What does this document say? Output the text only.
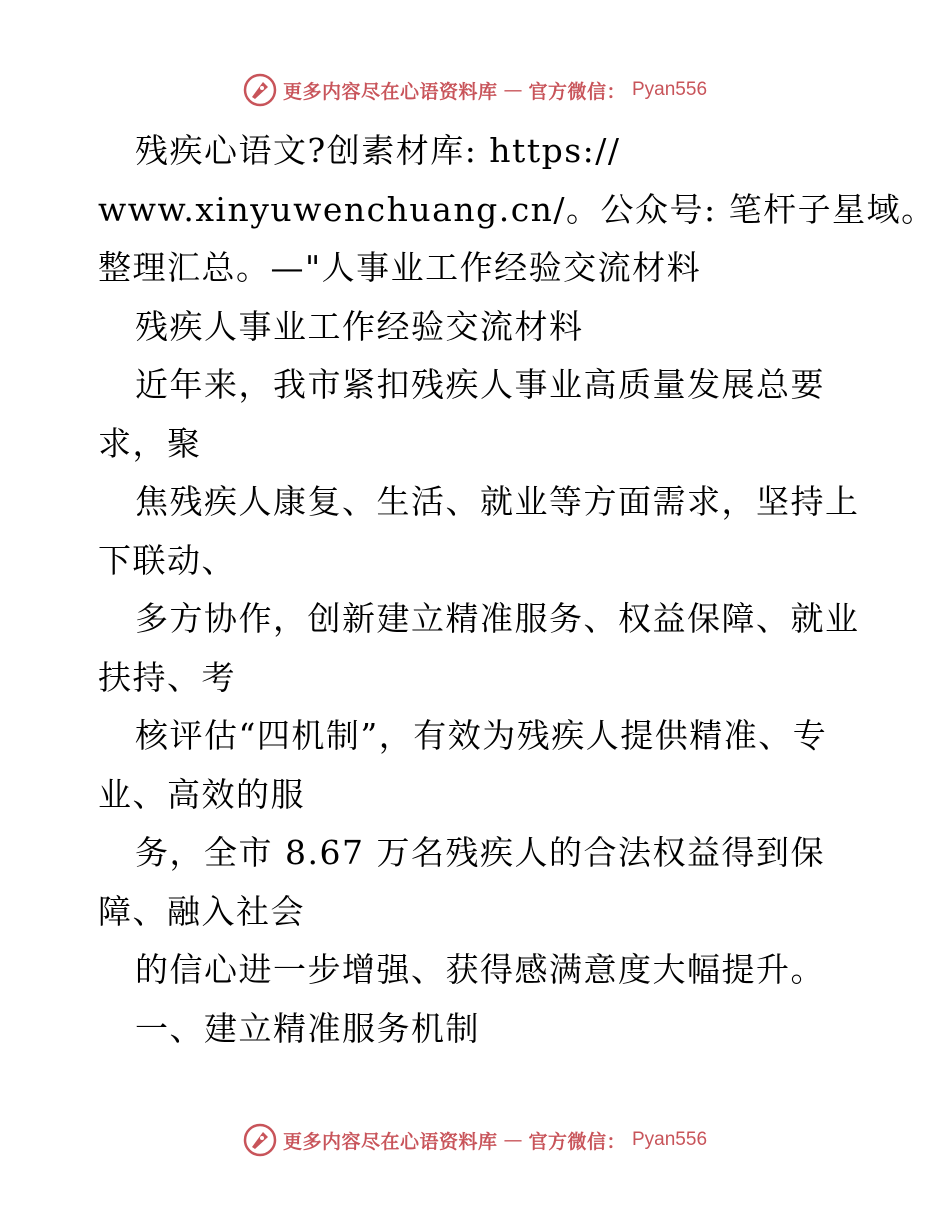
更多内容尽在心语资料库 — 官方微信： Pyan556
残疾心语文?创素材库: https://
www.xinyuwenchuang.cn/。公众号: 笔杆子星域。
整理汇总。—"人事业工作经验交流材料
残疾人事业工作经验交流材料
近年来，我市紧扣残疾人事业高质量发展总要
求，聚
焦残疾人康复、生活、就业等方面需求，坚持上
下联动、
多方协作，创新建立精准服务、权益保障、就业
扶持、考
核评估“四机制”，有效为残疾人提供精准、专
业、高效的服
务，全市 8.67 万名残疾人的合法权益得到保
障、融入社会
的信心进一步增强、获得感满意度大幅提升。
一、建立精准服务机制
更多内容尽在心语资料库 — 官方微信： Pyan556
